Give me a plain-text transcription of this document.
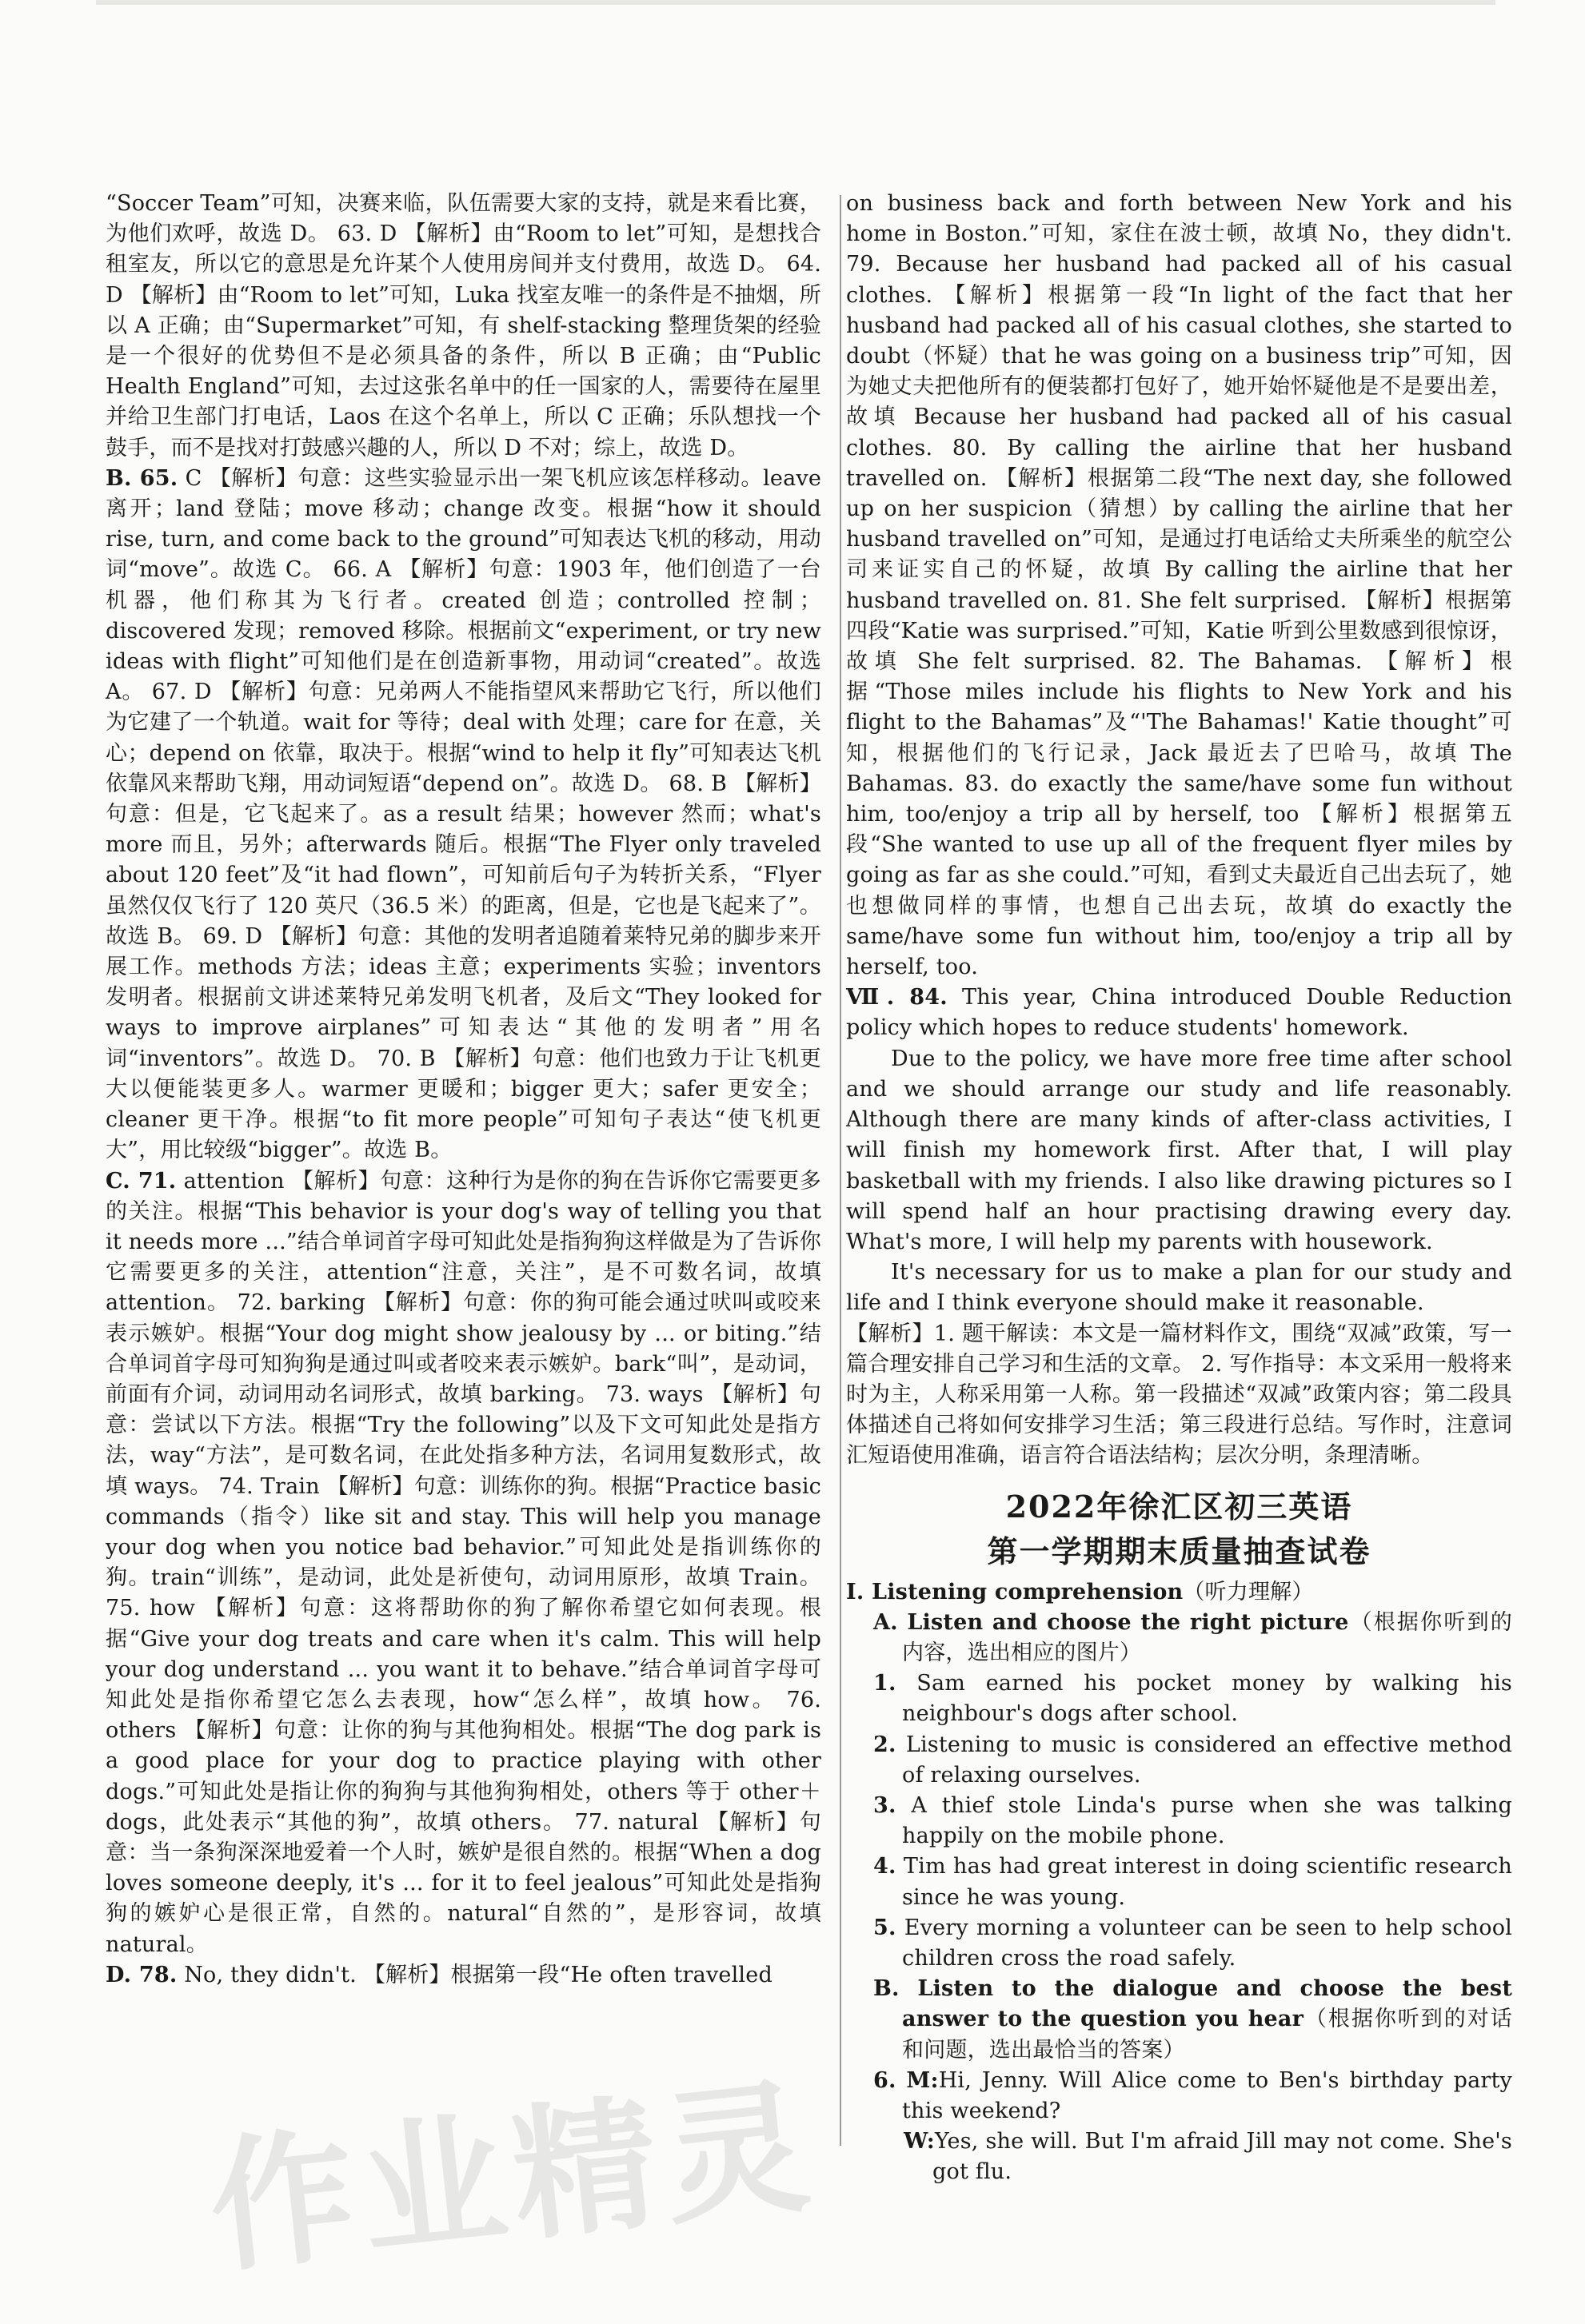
“Soccer Team”可知，决赛来临，队伍需要大家的支持，就是来看比赛，为他们欢呼，故选 D。 63. D 【解析】由“Room to let”可知，是想找合租室友，所以它的意思是允许某个人使用房间并支付费用，故选 D。 64. D 【解析】由“Room to let”可知，Luka 找室友唯一的条件是不抽烟，所以 A 正确；由“Supermarket”可知，有 shelf-stacking 整理货架的经验是一个很好的优势但不是必须具备的条件，所以 B 正确；由“Public Health England”可知，去过这张名单中的任一国家的人，需要待在屋里并给卫生部门打电话，Laos 在这个名单上，所以 C 正确；乐队想找一个鼓手，而不是找对打鼓感兴趣的人，所以 D 不对；综上，故选 D。

B. 65. C 【解析】句意：这些实验显示出一架飞机应该怎样移动。leave 离开；land 登陆；move 移动；change 改变。根据“how it should rise, turn, and come back to the ground”可知表达飞机的移动，用动词“move”。故选 C。 66. A 【解析】句意：1903 年，他们创造了一台机器，他们称其为飞行者。created 创造；controlled 控制；discovered 发现；removed 移除。根据前文“experiment, or try new ideas with flight”可知他们是在创造新事物，用动词“created”。故选 A。 67. D 【解析】句意：兄弟两人不能指望风来帮助它飞行，所以他们为它建了一个轨道。wait for 等待；deal with 处理；care for 在意，关心；depend on 依靠，取决于。根据“wind to help it fly”可知表达飞机依靠风来帮助飞翔，用动词短语“depend on”。故选 D。 68. B 【解析】句意：但是，它飞起来了。as a result 结果；however 然而；what's more 而且，另外；afterwards 随后。根据“The Flyer only traveled about 120 feet”及“it had flown”，可知前后句子为转折关系，“Flyer 虽然仅仅飞行了 120 英尺（36.5 米）的距离，但是，它也是飞起来了”。故选 B。 69. D 【解析】句意：其他的发明者追随着莱特兄弟的脚步来开展工作。methods 方法；ideas 主意；experiments 实验；inventors 发明者。根据前文讲述莱特兄弟发明飞机者，及后文“They looked for ways to improve airplanes”可知表达“其他的发明者”用名词“inventors”。故选 D。 70. B 【解析】句意：他们也致力于让飞机更大以便能装更多人。warmer 更暖和；bigger 更大；safer 更安全；cleaner 更干净。根据“to fit more people”可知句子表达“使飞机更大”，用比较级“bigger”。故选 B。

C. 71. attention 【解析】句意：这种行为是你的狗在告诉你它需要更多的关注。根据“This behavior is your dog's way of telling you that it needs more ...”结合单词首字母可知此处是指狗狗这样做是为了告诉你它需要更多的关注，attention“注意，关注”，是不可数名词，故填 attention。 72. barking 【解析】句意：你的狗可能会通过吠叫或咬来表示嫉妒。根据“Your dog might show jealousy by ... or biting.”结合单词首字母可知狗狗是通过叫或者咬来表示嫉妒。bark“叫”，是动词，前面有介词，动词用动名词形式，故填 barking。 73. ways 【解析】句意：尝试以下方法。根据“Try the following”以及下文可知此处是指方法，way“方法”，是可数名词，在此处指多种方法，名词用复数形式，故填 ways。 74. Train 【解析】句意：训练你的狗。根据“Practice basic commands（指令）like sit and stay. This will help you manage your dog when you notice bad behavior.”可知此处是指训练你的狗。train“训练”，是动词，此处是祈使句，动词用原形，故填 Train。 75. how 【解析】句意：这将帮助你的狗了解你希望它如何表现。根据“Give your dog treats and care when it's calm. This will help your dog understand ... you want it to behave.”结合单词首字母可知此处是指你希望它怎么去表现，how“怎么样”，故填 how。 76. others 【解析】句意：让你的狗与其他狗相处。根据“The dog park is a good place for your dog to practice playing with other dogs.”可知此处是指让你的狗狗与其他狗狗相处，others 等于 other＋dogs，此处表示“其他的狗”，故填 others。 77. natural 【解析】句意：当一条狗深深地爱着一个人时，嫉妒是很自然的。根据“When a dog loves someone deeply, it's ... for it to feel jealous”可知此处是指狗狗的嫉妒心是很正常，自然的。natural“自然的”，是形容词，故填 natural。

D. 78. No, they didn't. 【解析】根据第一段“He often travelled

on business back and forth between New York and his home in Boston.”可知，家住在波士顿，故填 No，they didn't. 79. Because her husband had packed all of his casual clothes. 【解析】根据第一段“In light of the fact that her husband had packed all of his casual clothes, she started to doubt（怀疑）that he was going on a business trip”可知，因为她丈夫把他所有的便装都打包好了，她开始怀疑他是不是要出差，故填 Because her husband had packed all of his casual clothes. 80. By calling the airline that her husband travelled on. 【解析】根据第二段“The next day, she followed up on her suspicion（猜想）by calling the airline that her husband travelled on”可知，是通过打电话给丈夫所乘坐的航空公司来证实自己的怀疑，故填 By calling the airline that her husband travelled on. 81. She felt surprised. 【解析】根据第四段“Katie was surprised.”可知，Katie 听到公里数感到很惊讶，故填 She felt surprised. 82. The Bahamas. 【解析】根据“Those miles include his flights to New York and his flight to the Bahamas”及“'The Bahamas!' Katie thought”可知，根据他们的飞行记录，Jack 最近去了巴哈马，故填 The Bahamas. 83. do exactly the same/have some fun without him, too/enjoy a trip all by herself, too 【解析】根据第五段“She wanted to use up all of the frequent flyer miles by going as far as she could.”可知，看到丈夫最近自己出去玩了，她也想做同样的事情，也想自己出去玩，故填 do exactly the same/have some fun without him, too/enjoy a trip all by herself, too.

Ⅶ. 84. This year, China introduced Double Reduction policy which hopes to reduce students' homework.

Due to the policy, we have more free time after school and we should arrange our study and life reasonably. Although there are many kinds of after-class activities, I will finish my homework first. After that, I will play basketball with my friends. I also like drawing pictures so I will spend half an hour practising drawing every day. What's more, I will help my parents with housework.

It's necessary for us to make a plan for our study and life and I think everyone should make it reasonable.

【解析】1. 题干解读：本文是一篇材料作文，围绕“双减”政策，写一篇合理安排自己学习和生活的文章。 2. 写作指导：本文采用一般将来时为主，人称采用第一人称。第一段描述“双减”政策内容；第二段具体描述自己将如何安排学习生活；第三段进行总结。写作时，注意词汇短语使用准确，语言符合语法结构；层次分明，条理清晰。

2022年徐汇区初三英语
第一学期期末质量抽查试卷

Ⅰ. Listening comprehension（听力理解）

A. Listen and choose the right picture（根据你听到的内容，选出相应的图片）

1. Sam earned his pocket money by walking his neighbour's dogs after school.

2. Listening to music is considered an effective method of relaxing ourselves.

3. A thief stole Linda's purse when she was talking happily on the mobile phone.

4. Tim has had great interest in doing scientific research since he was young.

5. Every morning a volunteer can be seen to help school children cross the road safely.

B. Listen to the dialogue and choose the best answer to the question you hear（根据你听到的对话和问题，选出最恰当的答案）

6. M:Hi, Jenny. Will Alice come to Ben's birthday party this weekend?

W:Yes, she will. But I'm afraid Jill may not come. She's got flu.

作业精灵
